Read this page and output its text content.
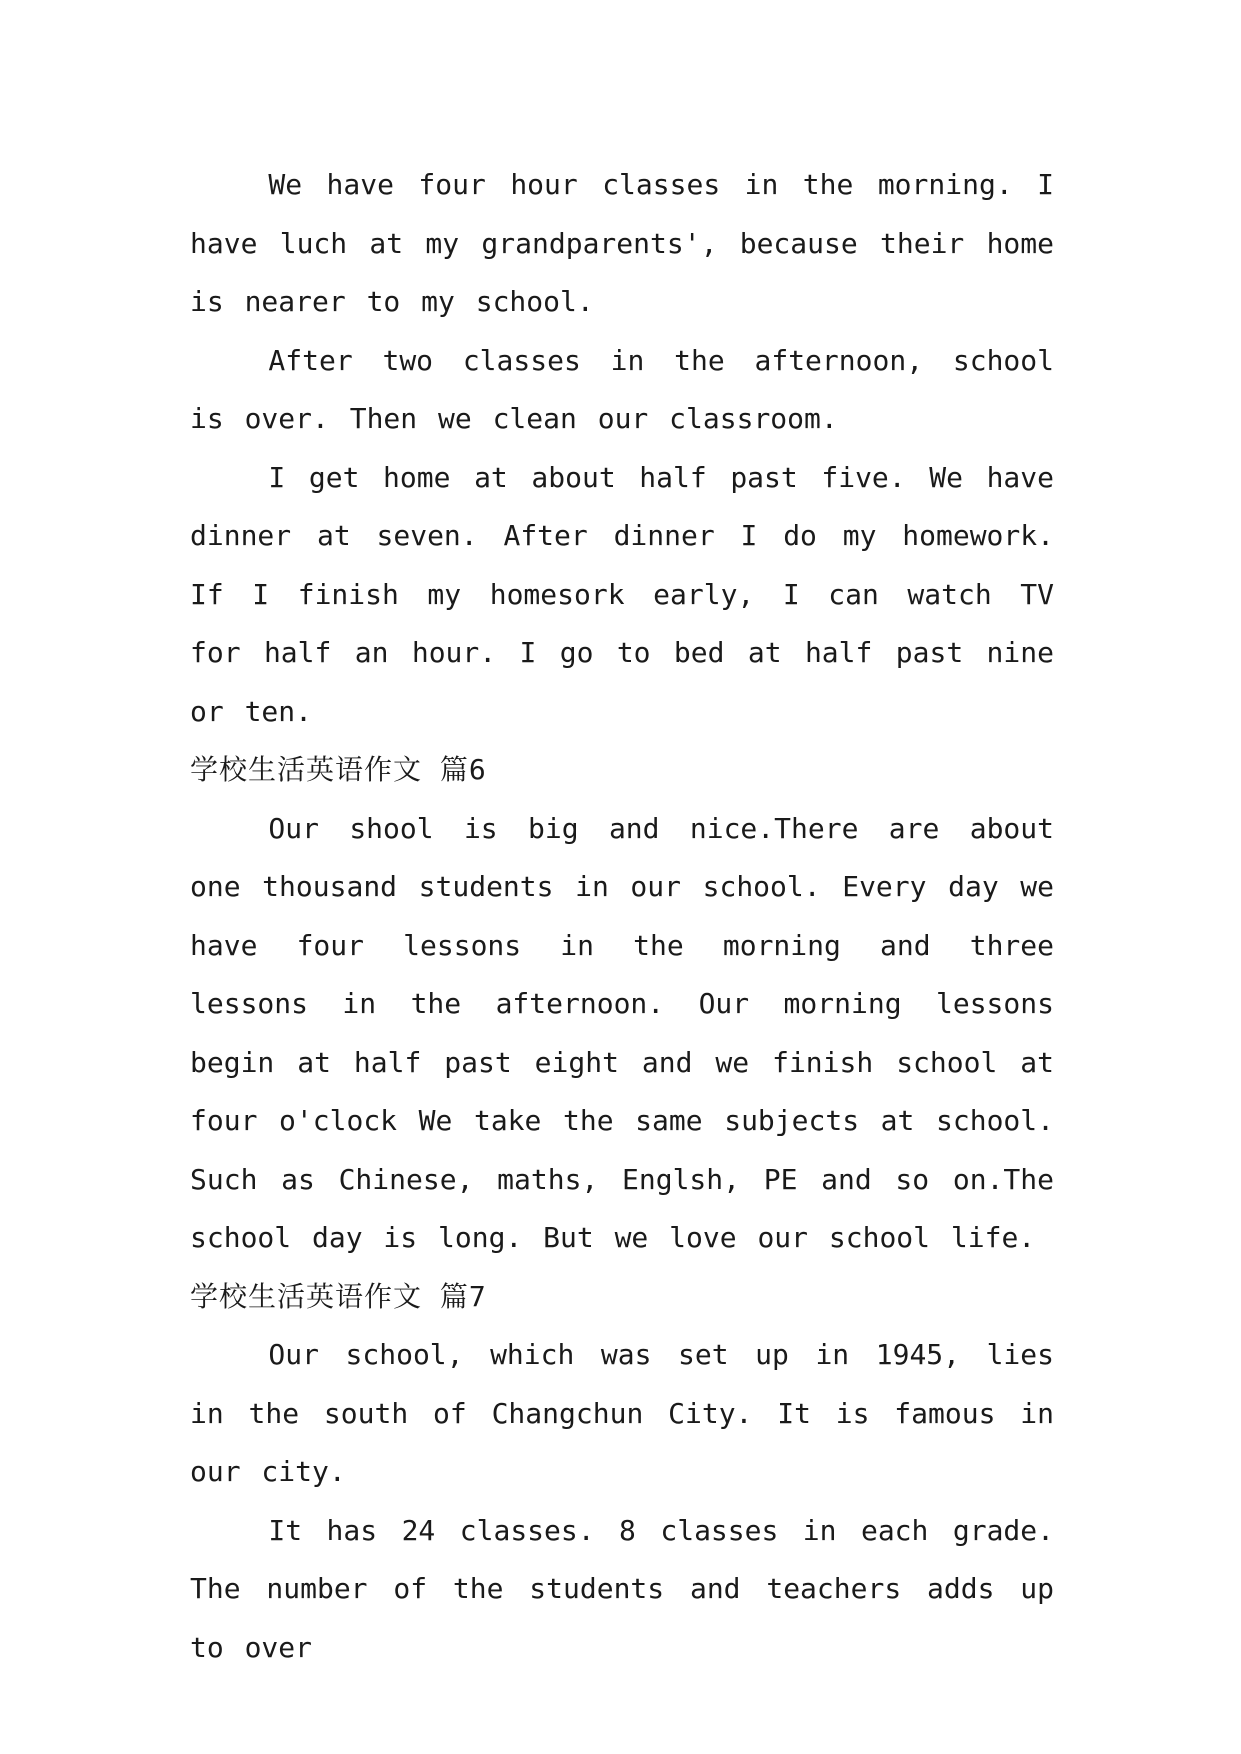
We have four hour classes in the morning. I have luch at my grandparents', because their home is nearer to my school.

After two classes in the afternoon, school is over. Then we clean our classroom.

I get home at about half past five. We have dinner at seven. After dinner I do my homework. If I finish my homesork early, I can watch TV for half an hour. I go to bed at half past nine or ten.

学校生活英语作文 篇6

Our shool is big and nice.There are about one thousand students in our school. Every day we have four lessons in the morning and three lessons in the afternoon. Our morning lessons begin at half past eight and we finish school at four o'clock We take the same subjects at school. Such as Chinese, maths, Englsh, PE and so on.The school day is long. But we love our school life.

学校生活英语作文 篇7

Our school, which was set up in 1945, lies in the south of Changchun City. It is famous in our city.

It has 24 classes. 8 classes in each grade. The number of the students and teachers adds up to over
